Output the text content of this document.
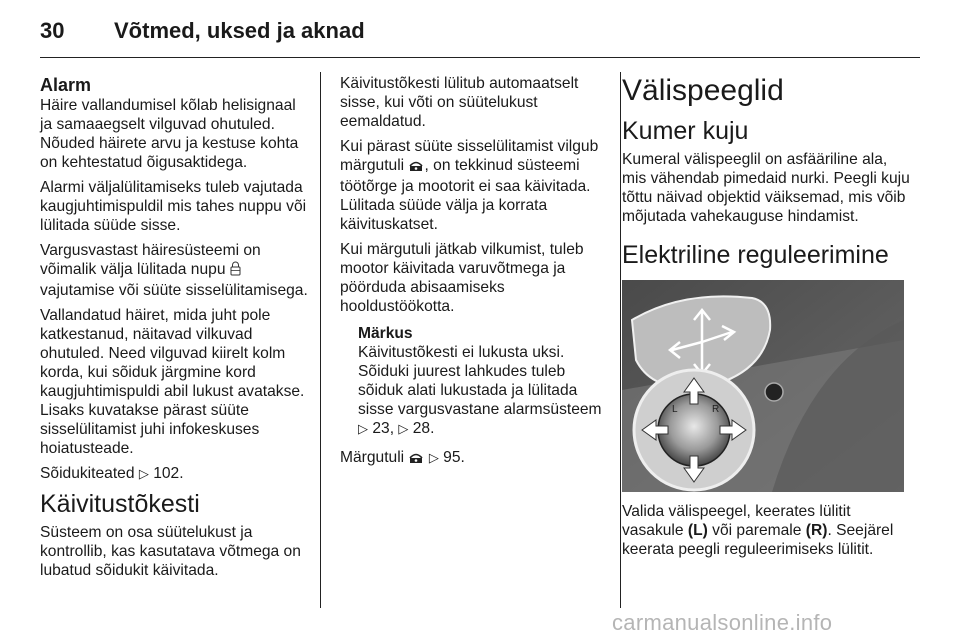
30 Võtmed, uksed ja aknad
Alarm

Häire vallandumisel kõlab helisignaal ja samaaegselt vilguvad ohutuled. Nõuded häirete arvu ja kestuse kohta on kehtestatud õigusaktidega.

Alarmi väljalülitamiseks tuleb vajutada kaugjuhtimispuldil mis tahes nuppu või lülitada süüde sisse.

Vargusvastast häiresüsteemi on võimalik välja lülitada nupu
vajutamise või süüte sisselülitamisega.

Vallandatud häiret, mida juht pole katkestanud, näitavad vilkuvad ohutuled. Need vilguvad kiirelt kolm korda, kui sõiduk järgmine kord kaugjuhtimispuldi abil lukust avatakse. Lisaks kuvatakse pärast süüte sisselülitamist juhi infokeskuses hoiatusteade.

Sõidukiteated ▷ 102.

Käivitustõkesti

Süsteem on osa süütelukust ja kontrollib, kas kasutatava võtmega on lubatud sõidukit käivitada.

Käivitustõkesti lülitub automaatselt sisse, kui võti on süütelukust eemaldatud.

Kui pärast süüte sisselülitamist vilgub märgutuli , on tekkinud süsteemi töötõrge ja mootorit ei saa käivitada. Lülitada süüde välja ja korrata käivituskatset.

Kui märgutuli jätkab vilkumist, tuleb mootor käivitada varuvõtmega ja pöörduda abisaamiseks hooldustöökotta.

Märkus
Käivitustõkesti ei lukusta uksi. Sõiduki juurest lahkudes tuleb sõiduk alati lukustada ja lülitada sisse vargusvastane alarmsüsteem
▷ 23, ▷ 28.

Märgutuli ▷ 95.

Välispeeglid
Kumer kuju

Kumeral välispeeglil on asfääriline ala, mis vähendab pimedaid nurki. Peegli kuju tõttu näivad objektid väiksemad, mis võib mõjutada vahekauguse hindamist.

Elektriline reguleerimine
L	R

Valida välispeegel, keerates lülitit vasakule (L) või paremale (R). Seejärel keerata peegli reguleerimiseks lülitit.

carmanualsonline.info
